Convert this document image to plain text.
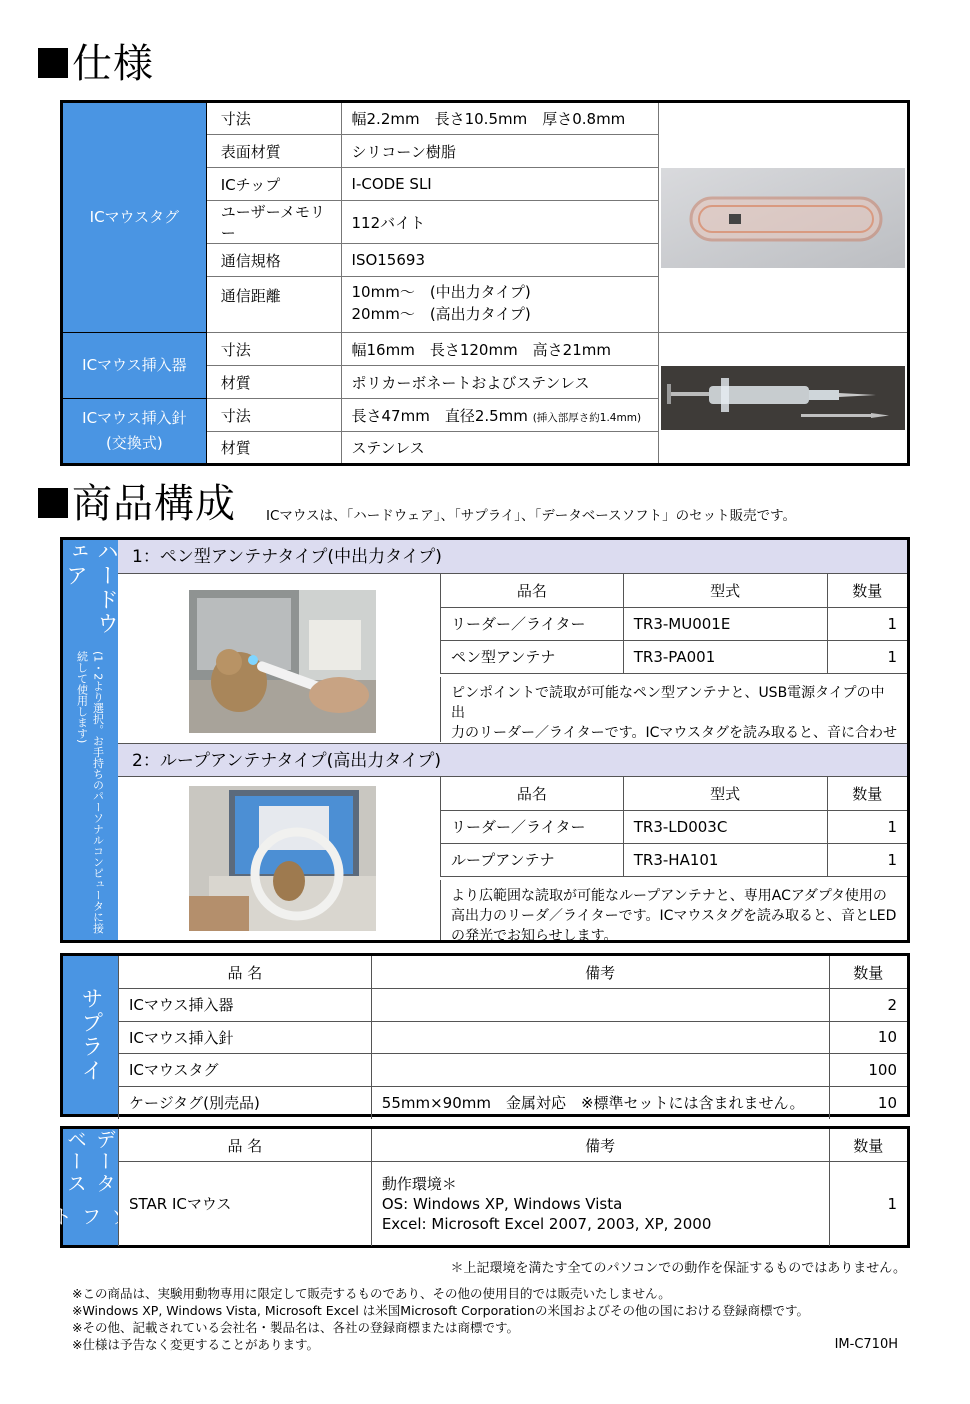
仕様
ICマウスタグ	寸法	幅2.2mm　長さ10.5mm　厚さ0.8mm	

	表面材質	シリコーン樹脂	
	ICチップ	I-CODE SLI	
	ユーザーメモリー	112バイト	
	通信規格	ISO15693	
	通信距離	10mm～　(中出力タイプ)	
		20mm～　(高出力タイプ)	
ICマウス挿入器	寸法	幅16mm　長さ120mm　高さ21mm	

	材質	ポリカーボネートおよびステンレス	

ICマウス挿入針
(交換式)	寸法	長さ47mm　直径2.5mm (挿入部厚さ約1.4mm)	
	材質	ステンレス	
商品構成 ICマウスは、「ハードウェア」、「サプライ」、「データベースソフト」のセット販売です。
ハードウェア
(1・2より選択。お手持ちのパーソナルコンピュータに接続して使用します)
1：ペン型アンテナタイプ(中出力タイプ)
品名	型式	数量
リーダー／ライター	TR3-MU001E	1
ペン型アンテナ	TR3-PA001	1
ピンポイントで読取が可能なペン型アンテナと、USB電源タイプの中出
力のリーダー／ライターです。ICマウスタグを読み取ると、音に合わせ
2：ループアンテナタイプ(高出力タイプ)
品名	型式	数量
リーダー／ライター	TR3-LD003C	1
ループアンテナ	TR3-HA101	1
より広範囲な読取が可能なループアンテナと、専用ACアダプタ使用の
高出力のリーダ／ライターです。ICマウスタグを読み取ると、音とLED
の発光でお知らせします。
サプライ
品 名	備考	数量
ICマウス挿入器		2
ICマウス挿入針		10
ICマウスタグ		100
ケージタグ(別売品)	55mm×90mm　金属対応　※標準セットには含まれません。	10
データベース
ソフト
品 名	備考	数量
STAR ICマウス	動作環境＊
OS: Windows XP, Windows Vista
Excel: Microsoft Excel 2007, 2003, XP, 2000	1
＊上記環境を満たす全てのパソコンでの動作を保証するものではありません。
※この商品は、実験用動物専用に限定して販売するものであり、その他の使用目的では販売いたしません。
※Windows XP, Windows Vista, Microsoft Excel は米国Microsoft Corporationの米国およびその他の国における登録商標です。
※その他、記載されている会社名・製品名は、各社の登録商標または商標です。
※仕様は予告なく変更することがあります。	IM-C710H
